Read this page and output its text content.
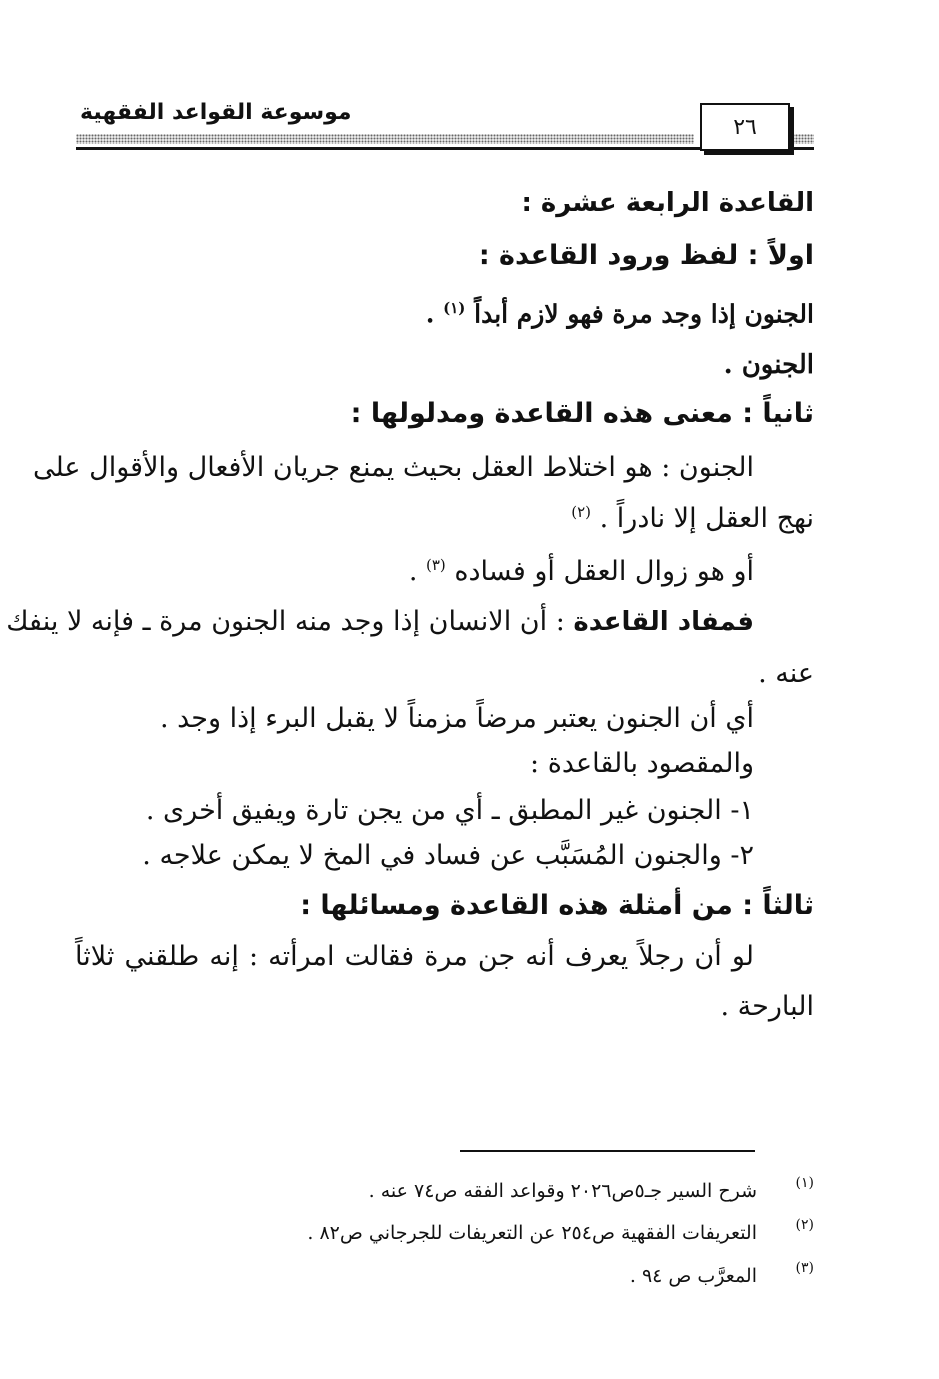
موسوعة القواعد الفقهية
٢٦
القاعدة الرابعة عشرة :
اولاً : لفظ ورود القاعدة :
الجنون إذا وجد مرة فهو لازم أبداً $^{(١)}$ .
الجنون .
ثانياً : معنى هذه القاعدة ومدلولها :
الجنون : هو اختلاط العقل بحيث يمنع جريان الأفعال والأقوال على
نهج العقل إلا نادراً . $^{(٢)}$
أو هو زوال العقل أو فساده $^{(٣)}$ .
فمفاد القاعدة : أن الانسان إذا وجد منه الجنون مرة ـ فإنه لا ينفك
عنه .
أي أن الجنون يعتبر مرضاً مزمناً لا يقبل البرء إذا وجد .
والمقصود بالقاعدة :
١- الجنون غير المطبق ـ أي من يجن تارة ويفيق أخرى .
٢- والجنون المُسَبَّب عن فساد في المخ لا يمكن علاجه .
ثالثاً : من أمثلة هذه القاعدة ومسائلها :
لو أن رجلاً يعرف أنه جن مرة فقالت امرأته : إنه طلقني ثلاثاً
البارحة .
(١)
شرح السير جـ٥ص٢٠٢٦ وقواعد الفقه ص٧٤ عنه .
(٢)
التعريفات الفقهية ص٢٥٤ عن التعريفات للجرجاني ص٨٢ .
(٣)
المعرَّب ص ٩٤ .
